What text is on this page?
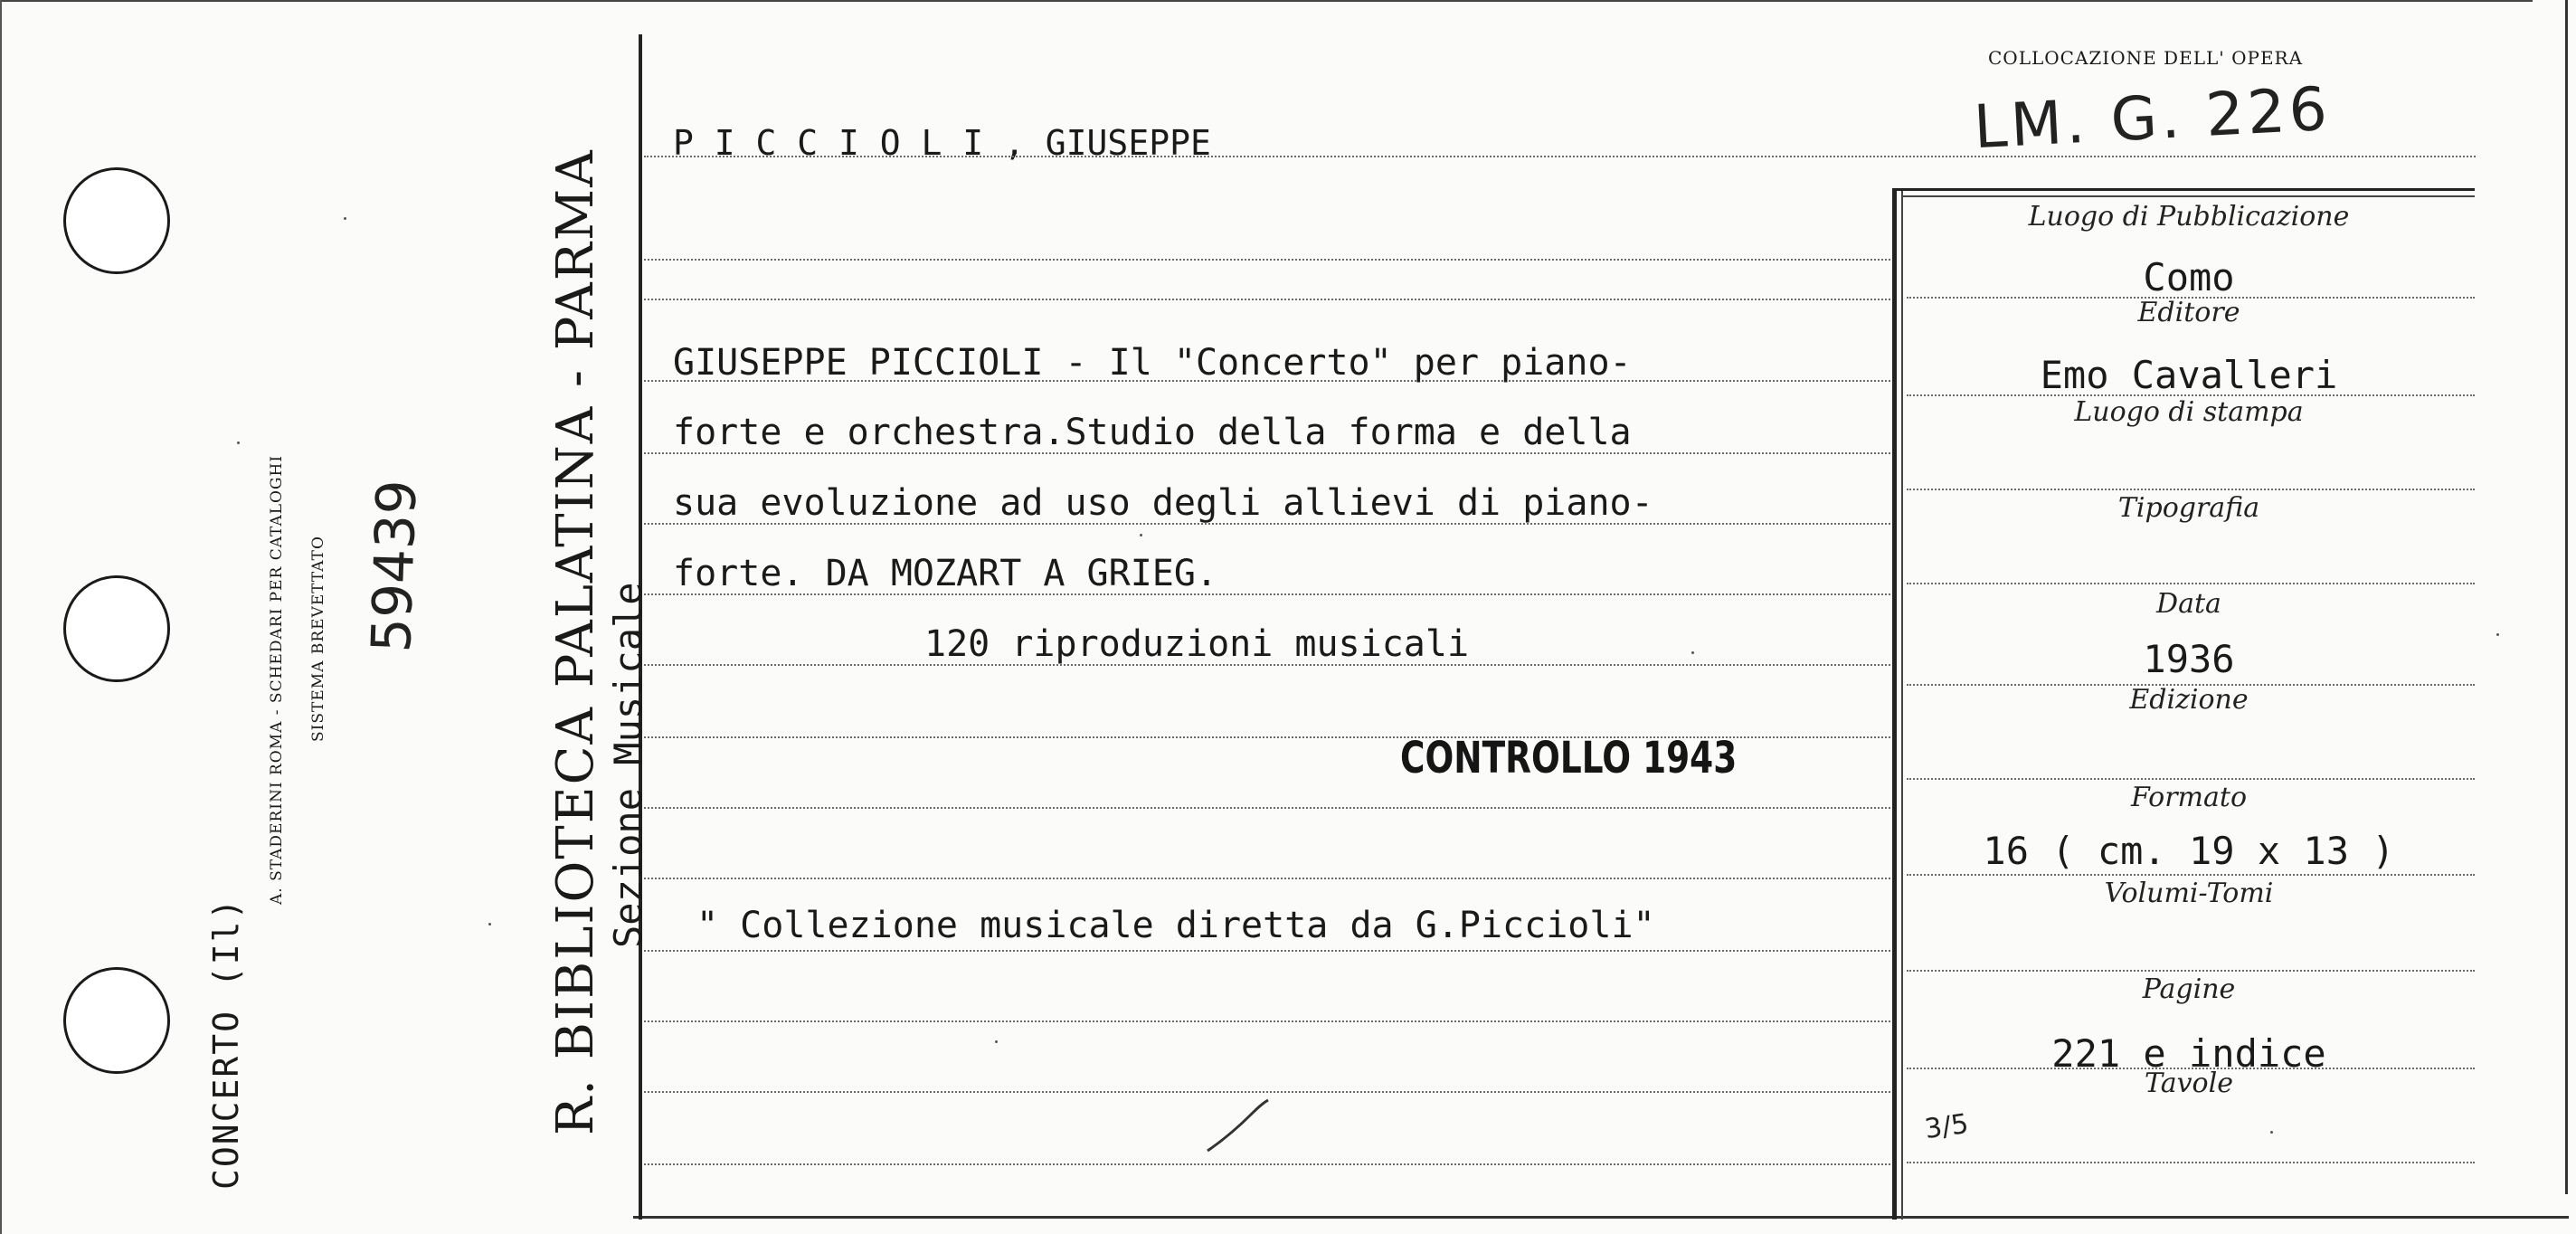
CONCERTO (Il)
A. STADERINI ROMA - SCHEDARI PER CATALOGHI SISTEMA BREVETTATO 59439 R. BIBLIOTECA PALATINA - PARMA Sezione Musicale
COLLOCAZIONE DELL' OPERA
LM. G. 226
P I C C I O L I , GIUSEPPE
GIUSEPPE PICCIOLI - Il "Concerto" per piano-
forte e orchestra.Studio della forma e della
sua evoluzione ad uso degli allievi di piano-
forte. DA MOZART A GRIEG.
120 riproduzioni musicali
CONTROLLO 1943
" Collezione musicale diretta da G.Piccioli"
Luogo di Pubblicazione
Como
Editore
Emo Cavalleri
Luogo di stampa
Tipografia
Data
1936
Edizione
Formato
16 ( cm. 19 x 13 )
Volumi-Tomi
Pagine
221 e indice
Tavole
3/5
